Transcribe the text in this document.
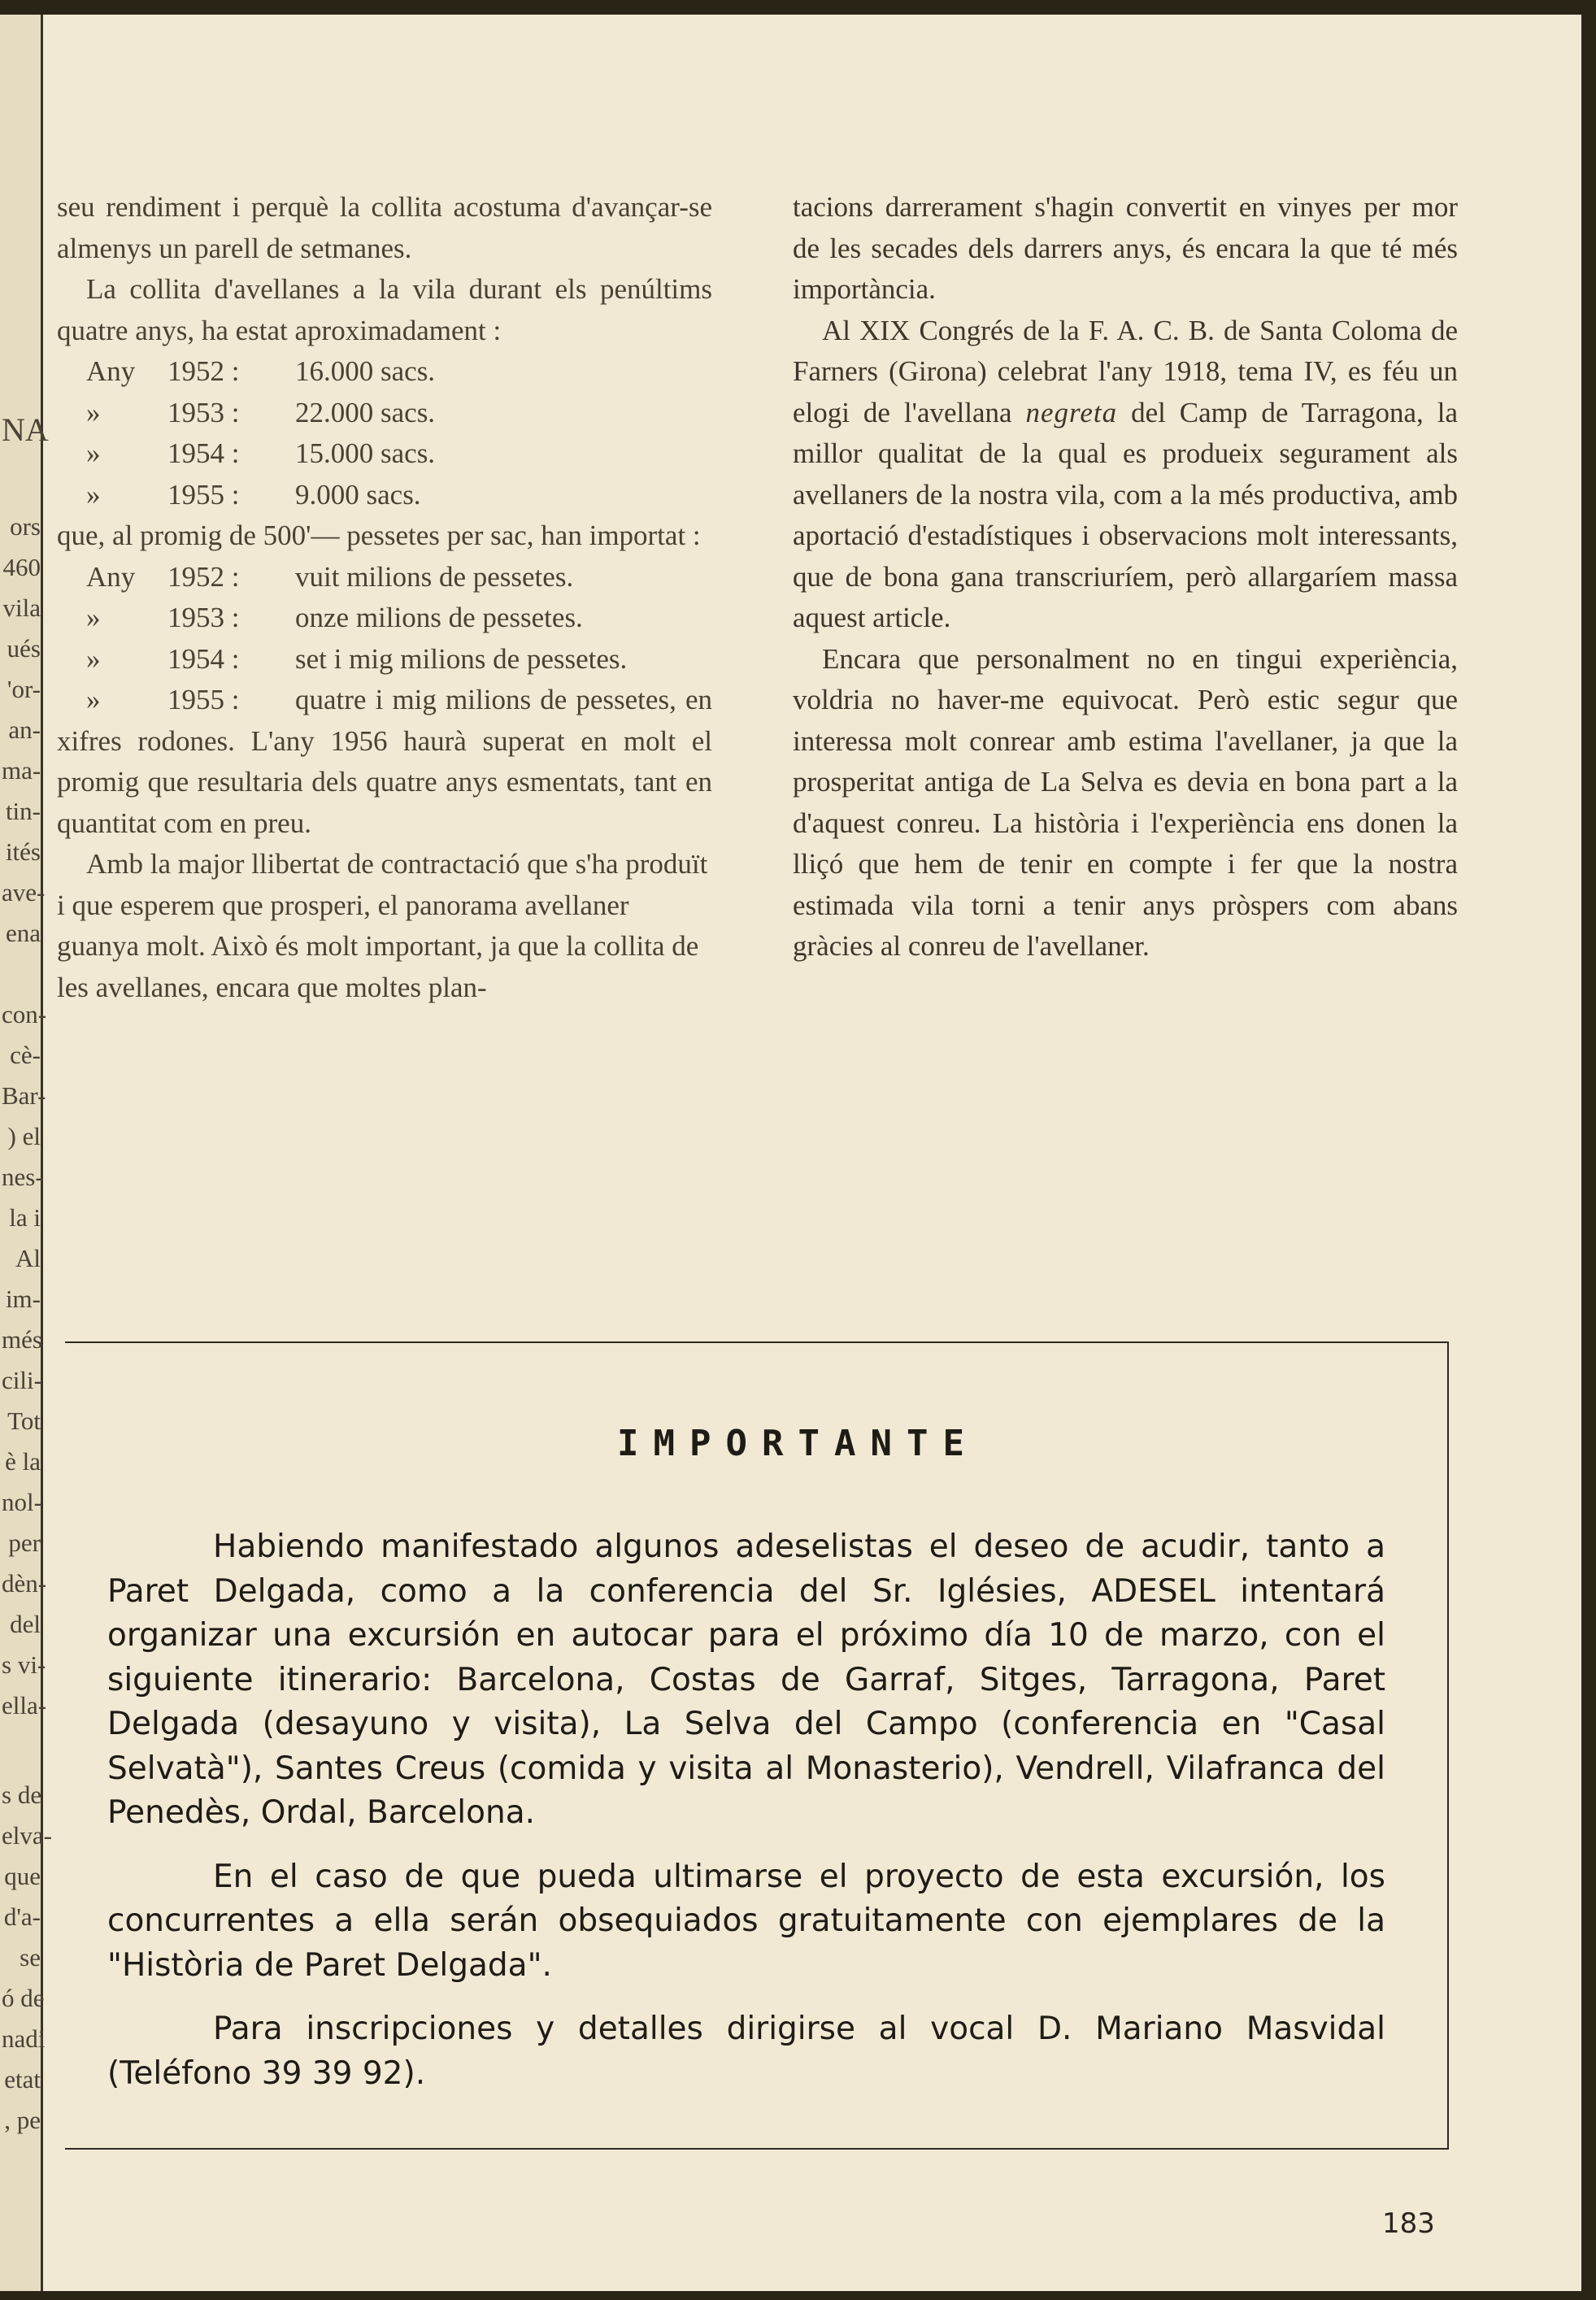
NA
ors
460
vila
ués
'or-
an-
ma-
tin-
ités
ave-
ena
con-
cè-
Bar-
) el
nes-
la i
Al
im-
més
cili-
Tot
è la
nol-
per
dèn-
del
s vi-
ella-
s de
elva-
que
d'a-
se
ó de
nadi
etat
, pe

seu rendiment i perquè la collita acostuma d'avançar-se almenys un parell de setmanes.

La collita d'avellanes a la vila durant els penúltims quatre anys, ha estat aproximadament :

Any 1952 : 16.000 sacs.
» 1953 : 22.000 sacs.
» 1954 : 15.000 sacs.
» 1955 : 9.000 sacs.

que, al promig de 500'— pessetes per sac, han importat :

Any 1952 : vuit milions de pessetes.
» 1953 : onze milions de pessetes.
» 1954 : set i mig milions de pessetes.

» 1955 : quatre i mig milions de pessetes, en xifres rodones. L'any 1956 haurà superat en molt el promig que resultaria dels quatre anys esmentats, tant en quantitat com en preu.

Amb la major llibertat de contractació que s'ha produït i que esperem que prosperi, el panorama avellaner guanya molt. Això és molt important, ja que la collita de les avellanes, encara que moltes plan-

tacions darrerament s'hagin convertit en vinyes per mor de les secades dels darrers anys, és encara la que té més importància.

Al XIX Congrés de la F. A. C. B. de Santa Coloma de Farners (Girona) celebrat l'any 1918, tema IV, es féu un elogi de l'avellana negreta del Camp de Tarragona, la millor qualitat de la qual es produeix segurament als avellaners de la nostra vila, com a la més productiva, amb aportació d'estadístiques i observacions molt interessants, que de bona gana transcriuríem, però allargaríem massa aquest article.

Encara que personalment no en tingui experiència, voldria no haver-me equivocat. Però estic segur que interessa molt conrear amb estima l'avellaner, ja que la prosperitat antiga de La Selva es devia en bona part a la d'aquest conreu. La història i l'experiència ens donen la lliçó que hem de tenir en compte i fer que la nostra estimada vila torni a tenir anys pròspers com abans gràcies al conreu de l'avellaner.

IMPORTANTE

Habiendo manifestado algunos adeselistas el deseo de acudir, tanto a Paret Delgada, como a la conferencia del Sr. Iglésies, ADESEL intentará organizar una excursión en autocar para el próximo día 10 de marzo, con el siguiente itinerario: Barcelona, Costas de Garraf, Sitges, Tarragona, Paret Delgada (desayuno y visita), La Selva del Campo (conferencia en "Casal Selvatà"), Santes Creus (comida y visita al Monasterio), Vendrell, Vilafranca del Penedès, Ordal, Barcelona.

En el caso de que pueda ultimarse el proyecto de esta excursión, los concurrentes a ella serán obsequiados gratuitamente con ejemplares de la "Història de Paret Delgada".

Para inscripciones y detalles dirigirse al vocal D. Mariano Masvidal (Teléfono 39 39 92).

183
